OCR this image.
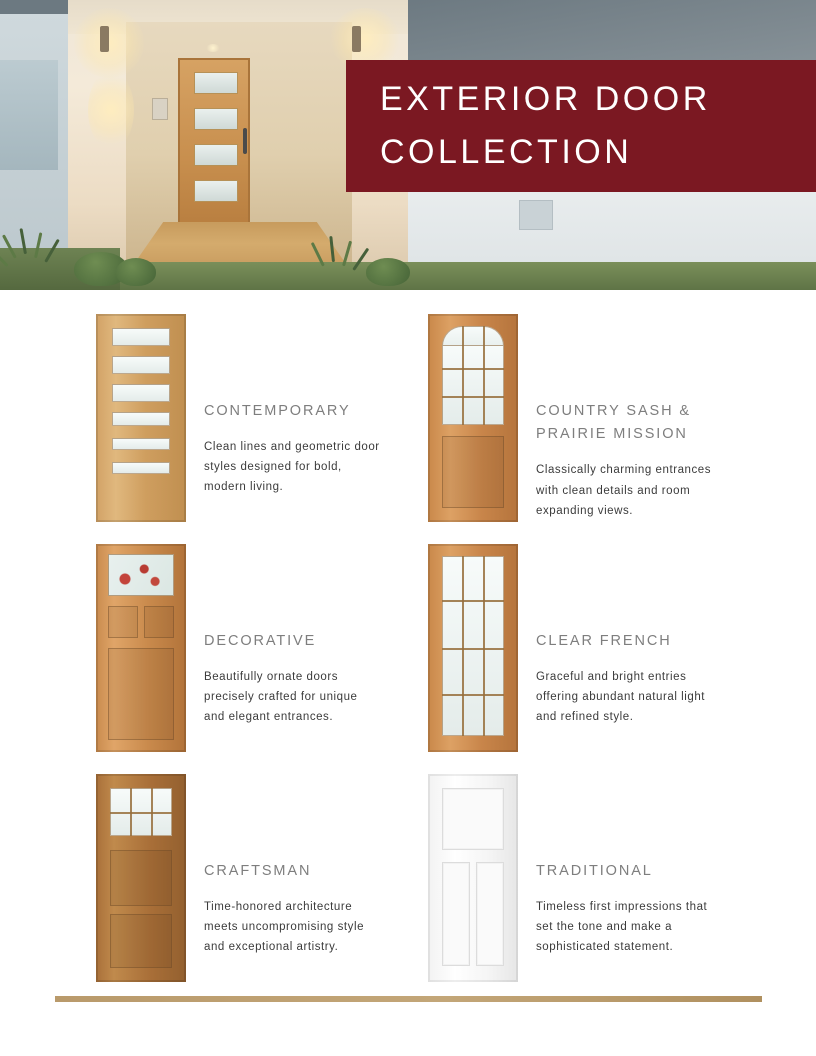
EXTERIOR DOOR
COLLECTION
CONTEMPORARY
Clean lines and geometric door styles designed for bold, modern living.
COUNTRY SASH & PRAIRIE MISSION
Classically charming entrances with clean details and room expanding views.
DECORATIVE
Beautifully ornate doors precisely crafted for unique and elegant entrances.
CLEAR FRENCH
Graceful and bright entries offering abundant natural light and refined style.
CRAFTSMAN
Time-honored architecture meets uncompromising style and exceptional artistry.
TRADITIONAL
Timeless first impressions that set the tone and make a sophisticated statement.
